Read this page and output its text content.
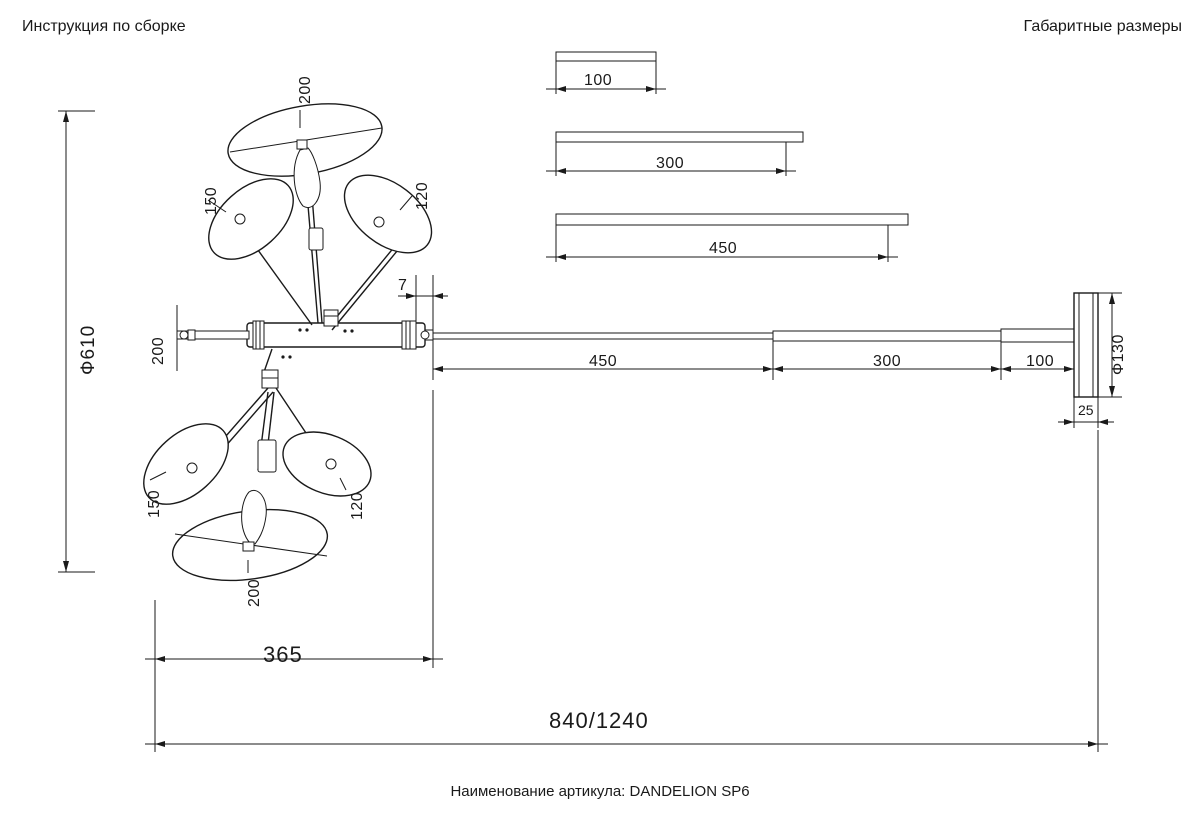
Инструкция по сборке	Габаритные размеры
100
300
450
Ф610
200
150	120
200
150	120
200
7
450	300	100	Ф130
25
365
840/1240
Наименование артикула: DANDELION SP6
